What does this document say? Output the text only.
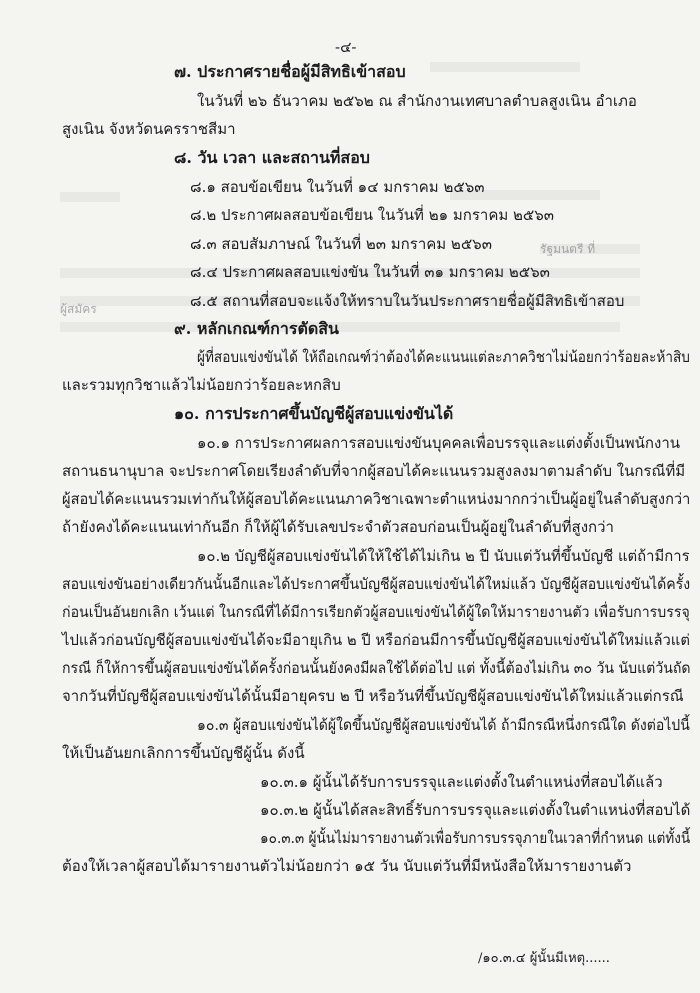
รัฐมนตรี ที่
ผู้สมัคร
-๔-
๗. ประกาศรายชื่อผู้มีสิทธิเข้าสอบ
ในวันที่ ๒๖ ธันวาคม ๒๕๖๒ ณ สำนักงานเทศบาลตำบลสูงเนิน อำเภอ
สูงเนิน จังหวัดนครราชสีมา
๘. วัน เวลา และสถานที่สอบ
๘.๑ สอบข้อเขียน ในวันที่ ๑๔ มกราคม ๒๕๖๓
๘.๒ ประกาศผลสอบข้อเขียน ในวันที่ ๒๑ มกราคม ๒๕๖๓
๘.๓ สอบสัมภาษณ์ ในวันที่ ๒๓ มกราคม ๒๕๖๓
๘.๔ ประกาศผลสอบแข่งขัน ในวันที่ ๓๑ มกราคม ๒๕๖๓
๘.๕ สถานที่สอบจะแจ้งให้ทราบในวันประกาศรายชื่อผู้มีสิทธิเข้าสอบ
๙. หลักเกณฑ์การตัดสิน
ผู้ที่สอบแข่งขันได้ ให้ถือเกณฑ์ว่าต้องได้คะแนนแต่ละภาควิชาไม่น้อยกว่าร้อยละห้าสิบ
และรวมทุกวิชาแล้วไม่น้อยกว่าร้อยละหกสิบ
๑๐. การประกาศขึ้นบัญชีผู้สอบแข่งขันได้
๑๐.๑ การประกาศผลการสอบแข่งขันบุคคลเพื่อบรรจุและแต่งตั้งเป็นพนักงาน
สถานธนานุบาล จะประกาศโดยเรียงลำดับที่จากผู้สอบได้คะแนนรวมสูงลงมาตามลำดับ ในกรณีที่มี
ผู้สอบได้คะแนนรวมเท่ากันให้ผู้สอบได้คะแนนภาควิชาเฉพาะตำแหน่งมากกว่าเป็นผู้อยู่ในลำดับสูงกว่า
ถ้ายังคงได้คะแนนเท่ากันอีก ก็ให้ผู้ได้รับเลขประจำตัวสอบก่อนเป็นผู้อยู่ในลำดับที่สูงกว่า
๑๐.๒ บัญชีผู้สอบแข่งขันได้ให้ใช้ได้ไม่เกิน ๒ ปี นับแต่วันที่ขึ้นบัญชี แต่ถ้ามีการ
สอบแข่งขันอย่างเดียวกันนั้นอีกและได้ประกาศขึ้นบัญชีผู้สอบแข่งขันได้ใหม่แล้ว บัญชีผู้สอบแข่งขันได้ครั้ง
ก่อนเป็นอันยกเลิก เว้นแต่ ในกรณีที่ได้มีการเรียกตัวผู้สอบแข่งขันได้ผู้ใดให้มารายงานตัว เพื่อรับการบรรจุ
ไปแล้วก่อนบัญชีผู้สอบแข่งขันได้จะมีอายุเกิน ๒ ปี หรือก่อนมีการขึ้นบัญชีผู้สอบแข่งขันได้ใหม่แล้วแต่
กรณี ก็ให้การขึ้นผู้สอบแข่งขันได้ครั้งก่อนนั้นยังคงมีผลใช้ได้ต่อไป แต่ ทั้งนี้ต้องไม่เกิน ๓๐ วัน นับแต่วันถัด
จากวันที่บัญชีผู้สอบแข่งขันได้นั้นมีอายุครบ ๒ ปี หรือวันที่ขึ้นบัญชีผู้สอบแข่งขันได้ใหม่แล้วแต่กรณี
๑๐.๓ ผู้สอบแข่งขันได้ผู้ใดขึ้นบัญชีผู้สอบแข่งขันได้ ถ้ามีกรณีหนึ่งกรณีใด ดังต่อไปนี้
ให้เป็นอันยกเลิกการขึ้นบัญชีผู้นั้น ดังนี้
๑๐.๓.๑ ผู้นั้นได้รับการบรรจุและแต่งตั้งในตำแหน่งที่สอบได้แล้ว
๑๐.๓.๒ ผู้นั้นได้สละสิทธิ์รับการบรรจุและแต่งตั้งในตำแหน่งที่สอบได้
๑๐.๓.๓ ผู้นั้นไม่มารายงานตัวเพื่อรับการบรรจุภายในเวลาที่กำหนด แต่ทั้งนี้
ต้องให้เวลาผู้สอบได้มารายงานตัวไม่น้อยกว่า ๑๕ วัน นับแต่วันที่มีหนังสือให้มารายงานตัว
/๑๐.๓.๔ ผู้นั้นมีเหตุ......
